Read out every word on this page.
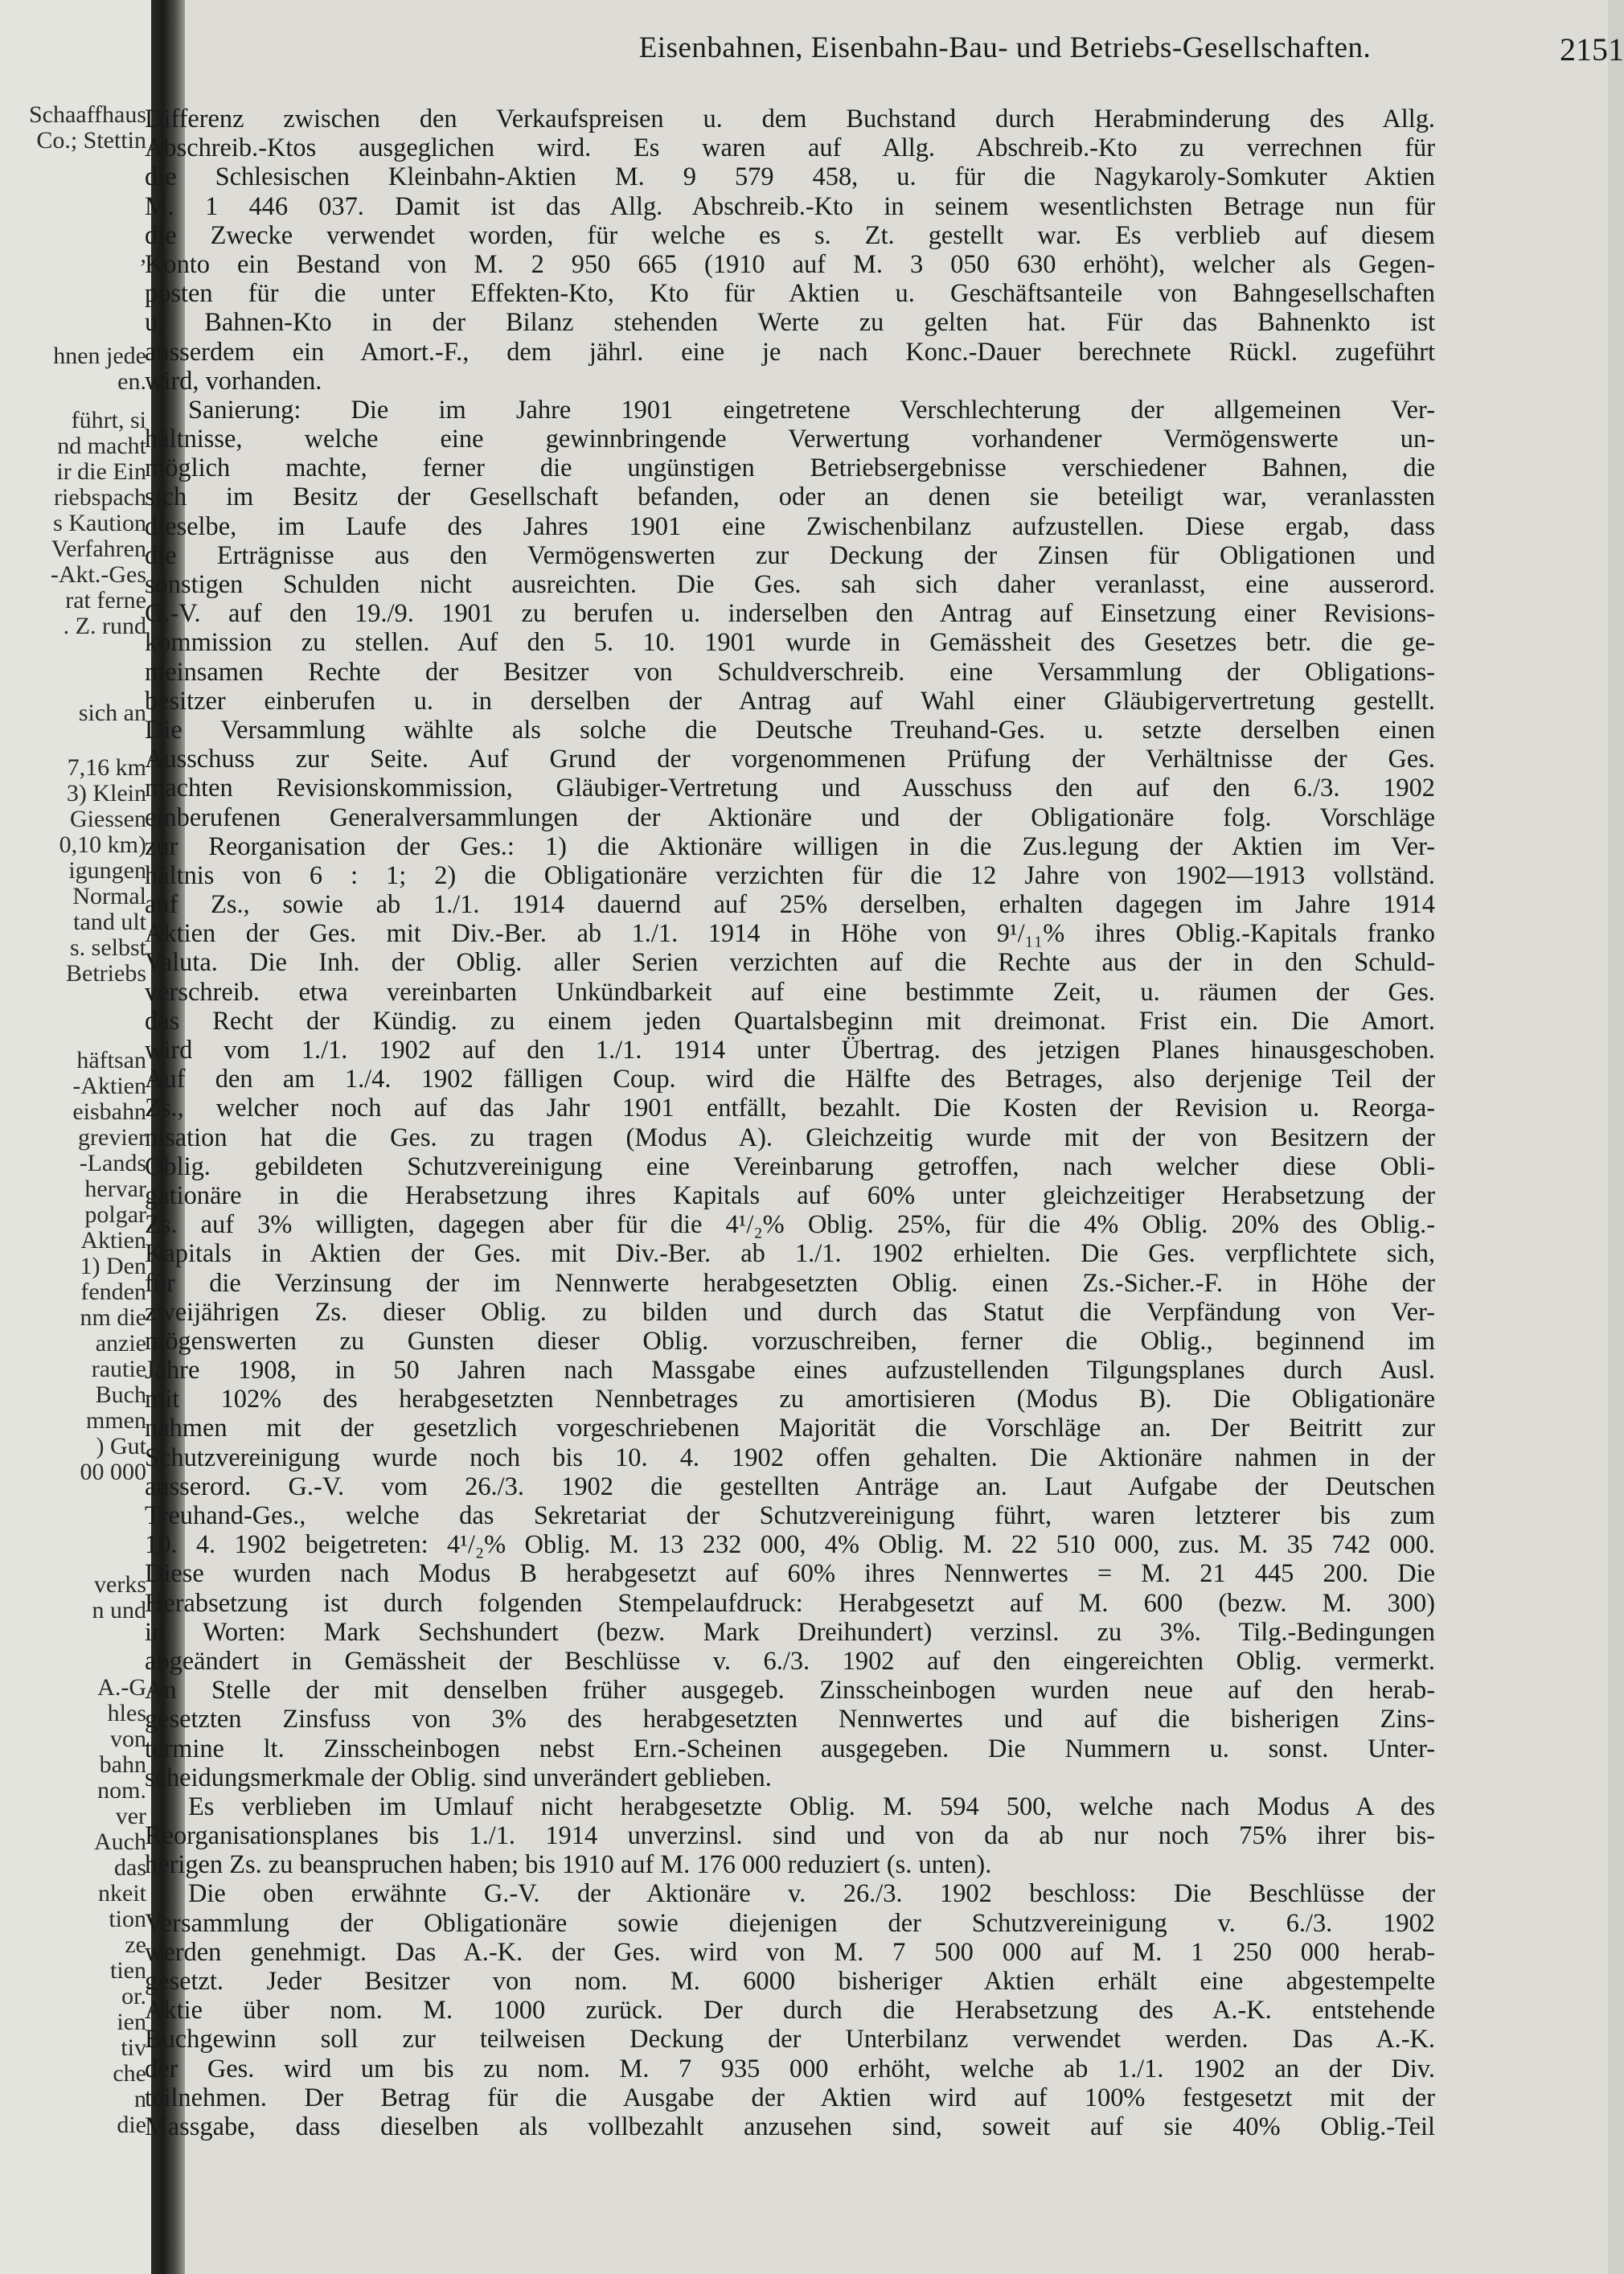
Schaaffhaus
Co.; Stettin
,
hnen jede
en.
führt, si
nd macht
ir die Ein
riebspach
s Kaution
Verfahren
-Akt.-Ges
rat ferne
. Z. rund
sich an
7,16 km
3) Klein
Giessen
0,10 km)
igungen
Normal
tand ult
s. selbst
Betriebs
häftsan
-Aktien
eisbahn
grevier
-Lands
hervar
polgar
Aktien
1) Den
fenden
nm die
anzie
rautie
Buch
mmen
) Gut
00 000
verks
n und
A.-G
hles
von
bahn
nom.
ver
Auch
das
nkeit
tion
ze
tien
or.
ien
tiv
che
n
die
Eisenbahnen, Eisenbahn-Bau- und Betriebs-Gesellschaften.	2151
Differenz zwischen den Verkaufspreisen u. dem Buchstand durch Herabminderung des Allg.
Abschreib.-Ktos ausgeglichen wird. Es waren auf Allg. Abschreib.-Kto zu verrechnen für
die Schlesischen Kleinbahn-Aktien M. 9 579 458, u. für die Nagykaroly-Somkuter Aktien
M. 1 446 037. Damit ist das Allg. Abschreib.-Kto in seinem wesentlichsten Betrage nun für
die Zwecke verwendet worden, für welche es s. Zt. gestellt war. Es verblieb auf diesem
Konto ein Bestand von M. 2 950 665 (1910 auf M. 3 050 630 erhöht), welcher als Gegen-
posten für die unter Effekten-Kto, Kto für Aktien u. Geschäftsanteile von Bahngesellschaften
u. Bahnen-Kto in der Bilanz stehenden Werte zu gelten hat. Für das Bahnenkto ist
ausserdem ein Amort.-F., dem jährl. eine je nach Konc.-Dauer berechnete Rückl. zugeführt
wird, vorhanden.
Sanierung: Die im Jahre 1901 eingetretene Verschlechterung der allgemeinen Ver-
hältnisse, welche eine gewinnbringende Verwertung vorhandener Vermögenswerte un-
möglich machte, ferner die ungünstigen Betriebsergebnisse verschiedener Bahnen, die
sich im Besitz der Gesellschaft befanden, oder an denen sie beteiligt war, veranlassten
dieselbe, im Laufe des Jahres 1901 eine Zwischenbilanz aufzustellen. Diese ergab, dass
die Erträgnisse aus den Vermögenswerten zur Deckung der Zinsen für Obligationen und
sonstigen Schulden nicht ausreichten. Die Ges. sah sich daher veranlasst, eine ausserord.
G.-V. auf den 19./9. 1901 zu berufen u. inderselben den Antrag auf Einsetzung einer Revisions-
kommission zu stellen. Auf den 5. 10. 1901 wurde in Gemässheit des Gesetzes betr. die ge-
meinsamen Rechte der Besitzer von Schuldverschreib. eine Versammlung der Obligations-
besitzer einberufen u. in derselben der Antrag auf Wahl einer Gläubigervertretung gestellt.
Die Versammlung wählte als solche die Deutsche Treuhand-Ges. u. setzte derselben einen
Ausschuss zur Seite. Auf Grund der vorgenommenen Prüfung der Verhältnisse der Ges.
machten Revisionskommission, Gläubiger-Vertretung und Ausschuss den auf den 6./3. 1902
einberufenen Generalversammlungen der Aktionäre und der Obligationäre folg. Vorschläge
zur Reorganisation der Ges.: 1) die Aktionäre willigen in die Zus.legung der Aktien im Ver-
hältnis von 6 : 1; 2) die Obligationäre verzichten für die 12 Jahre von 1902—1913 vollständ.
auf Zs., sowie ab 1./1. 1914 dauernd auf 25% derselben, erhalten dagegen im Jahre 1914
Aktien der Ges. mit Div.-Ber. ab 1./1. 1914 in Höhe von 9¹/₁₁% ihres Oblig.-Kapitals franko
Valuta. Die Inh. der Oblig. aller Serien verzichten auf die Rechte aus der in den Schuld-
verschreib. etwa vereinbarten Unkündbarkeit auf eine bestimmte Zeit, u. räumen der Ges.
das Recht der Kündig. zu einem jeden Quartalsbeginn mit dreimonat. Frist ein. Die Amort.
wird vom 1./1. 1902 auf den 1./1. 1914 unter Übertrag. des jetzigen Planes hinausgeschoben.
Auf den am 1./4. 1902 fälligen Coup. wird die Hälfte des Betrages, also derjenige Teil der
Zs., welcher noch auf das Jahr 1901 entfällt, bezahlt. Die Kosten der Revision u. Reorga-
nisation hat die Ges. zu tragen (Modus A). Gleichzeitig wurde mit der von Besitzern der
Oblig. gebildeten Schutzvereinigung eine Vereinbarung getroffen, nach welcher diese Obli-
gationäre in die Herabsetzung ihres Kapitals auf 60% unter gleichzeitiger Herabsetzung der
Zs. auf 3% willigten, dagegen aber für die 4¹/₂% Oblig. 25%, für die 4% Oblig. 20% des Oblig.-
Kapitals in Aktien der Ges. mit Div.-Ber. ab 1./1. 1902 erhielten. Die Ges. verpflichtete sich,
für die Verzinsung der im Nennwerte herabgesetzten Oblig. einen Zs.-Sicher.-F. in Höhe der
zweijährigen Zs. dieser Oblig. zu bilden und durch das Statut die Verpfändung von Ver-
mögenswerten zu Gunsten dieser Oblig. vorzuschreiben, ferner die Oblig., beginnend im
Jahre 1908, in 50 Jahren nach Massgabe eines aufzustellenden Tilgungsplanes durch Ausl.
mit 102% des herabgesetzten Nennbetrages zu amortisieren (Modus B). Die Obligationäre
nahmen mit der gesetzlich vorgeschriebenen Majorität die Vorschläge an. Der Beitritt zur
Schutzvereinigung wurde noch bis 10. 4. 1902 offen gehalten. Die Aktionäre nahmen in der
ausserord. G.-V. vom 26./3. 1902 die gestellten Anträge an. Laut Aufgabe der Deutschen
Treuhand-Ges., welche das Sekretariat der Schutzvereinigung führt, waren letzterer bis zum
10. 4. 1902 beigetreten: 4¹/₂% Oblig. M. 13 232 000, 4% Oblig. M. 22 510 000, zus. M. 35 742 000.
Diese wurden nach Modus B herabgesetzt auf 60% ihres Nennwertes = M. 21 445 200. Die
Herabsetzung ist durch folgenden Stempelaufdruck: Herabgesetzt auf M. 600 (bezw. M. 300)
in Worten: Mark Sechshundert (bezw. Mark Dreihundert) verzinsl. zu 3%. Tilg.-Bedingungen
abgeändert in Gemässheit der Beschlüsse v. 6./3. 1902 auf den eingereichten Oblig. vermerkt.
An Stelle der mit denselben früher ausgegeb. Zinsscheinbogen wurden neue auf den herab-
gesetzten Zinsfuss von 3% des herabgesetzten Nennwertes und auf die bisherigen Zins-
termine lt. Zinsscheinbogen nebst Ern.-Scheinen ausgegeben. Die Nummern u. sonst. Unter-
scheidungsmerkmale der Oblig. sind unverändert geblieben.
Es verblieben im Umlauf nicht herabgesetzte Oblig. M. 594 500, welche nach Modus A des
Reorganisationsplanes bis 1./1. 1914 unverzinsl. sind und von da ab nur noch 75% ihrer bis-
herigen Zs. zu beanspruchen haben; bis 1910 auf M. 176 000 reduziert (s. unten).
Die oben erwähnte G.-V. der Aktionäre v. 26./3. 1902 beschloss: Die Beschlüsse der
Versammlung der Obligationäre sowie diejenigen der Schutzvereinigung v. 6./3. 1902
werden genehmigt. Das A.-K. der Ges. wird von M. 7 500 000 auf M. 1 250 000 herab-
gesetzt. Jeder Besitzer von nom. M. 6000 bisheriger Aktien erhält eine abgestempelte
Aktie über nom. M. 1000 zurück. Der durch die Herabsetzung des A.-K. entstehende
Buchgewinn soll zur teilweisen Deckung der Unterbilanz verwendet werden. Das A.-K.
der Ges. wird um bis zu nom. M. 7 935 000 erhöht, welche ab 1./1. 1902 an der Div.
teilnehmen. Der Betrag für die Ausgabe der Aktien wird auf 100% festgesetzt mit der
Massgabe, dass dieselben als vollbezahlt anzusehen sind, soweit auf sie 40% Oblig.-Teil
